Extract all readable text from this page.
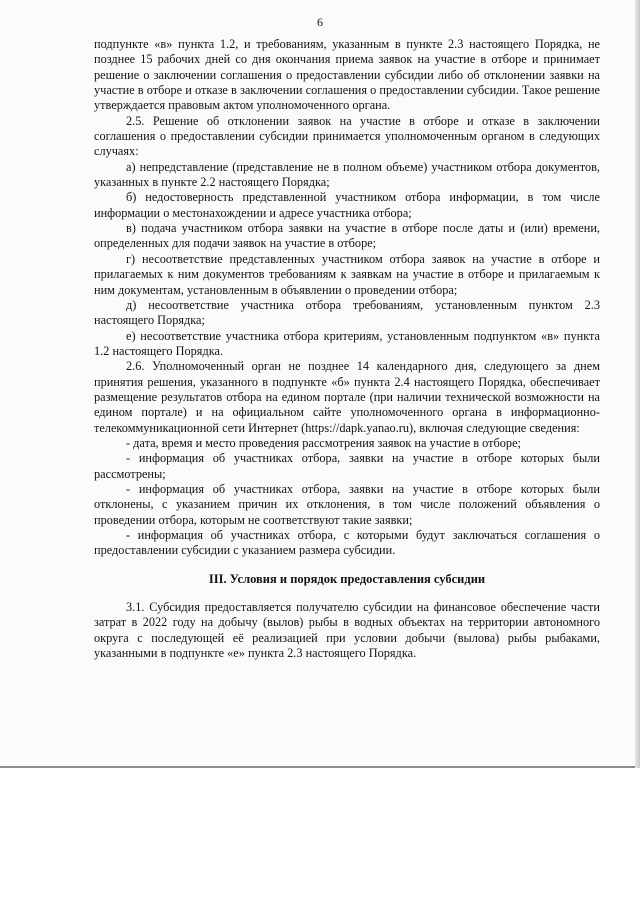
6

подпункте «в» пункта 1.2, и требованиям, указанным в пункте 2.3 настоящего Порядка, не позднее 15 рабочих дней со дня окончания приема заявок на участие в отборе и принимает решение о заключении соглашения о предоставлении субсидии либо об отклонении заявки на участие в отборе и отказе в заключении соглашения о предоставлении субсидии. Такое решение утверждается правовым актом уполномоченного органа.

2.5. Решение об отклонении заявок на участие в отборе и отказе в заключении соглашения о предоставлении субсидии принимается уполномоченным органом в следующих случаях:

а) непредставление (представление не в полном объеме) участником отбора документов, указанных в пункте 2.2 настоящего Порядка;

б) недостоверность представленной участником отбора информации, в том числе информации о местонахождении и адресе участника отбора;

в) подача участником отбора заявки на участие в отборе после даты и (или) времени, определенных для подачи заявок на участие в отборе;

г) несоответствие представленных участником отбора заявок на участие в отборе и прилагаемых к ним документов требованиям к заявкам на участие в отборе и прилагаемым к ним документам, установленным в объявлении о проведении отбора;

д) несоответствие участника отбора требованиям, установленным пунктом 2.3 настоящего Порядка;

е) несоответствие участника отбора критериям, установленным подпунктом «в» пункта 1.2 настоящего Порядка.

2.6. Уполномоченный орган не позднее 14 календарного дня, следующего за днем принятия решения, указанного в подпункте «б» пункта 2.4 настоящего Порядка, обеспечивает размещение результатов отбора на едином портале (при наличии технической возможности на едином портале) и на официальном сайте уполномоченного органа в информационно-телекоммуникационной сети Интернет (https://dapk.yanao.ru), включая следующие сведения:

- дата, время и место проведения рассмотрения заявок на участие в отборе;

- информация об участниках отбора, заявки на участие в отборе которых были рассмотрены;

- информация об участниках отбора, заявки на участие в отборе которых были отклонены, с указанием причин их отклонения, в том числе положений объявления о проведении отбора, которым не соответствуют такие заявки;

- информация об участниках отбора, с которыми будут заключаться соглашения о предоставлении субсидии с указанием размера субсидии.

III. Условия и порядок предоставления субсидии

3.1. Субсидия предоставляется получателю субсидии на финансовое обеспечение части затрат в 2022 году на добычу (вылов) рыбы в водных объектах на территории автономного округа с последующей её реализацией при условии добычи (вылова) рыбы рыбаками, указанными в подпункте «е» пункта 2.3 настоящего Порядка.
